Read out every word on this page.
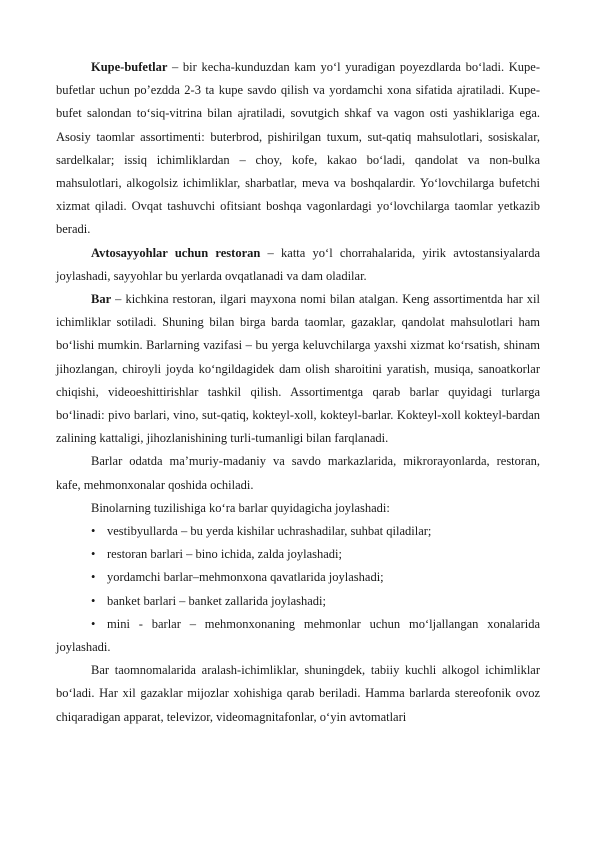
Kupe-bufetlar – bir kecha-kunduzdan kam yo‘l yuradigan poyezdlarda bo‘ladi. Kupe-bufetlar uchun po’ezdda 2-3 ta kupe savdo qilish va yordamchi xona sifatida ajratiladi. Kupe-bufet salondan to‘siq-vitrina bilan ajratiladi, sovutgich shkaf va vagon osti yashiklariga ega. Asosiy taomlar assortimenti: buterbrod, pishirilgan tuxum, sut-qatiq mahsulotlari, sosiskalar, sardelkalar; issiq ichimliklardan – choy, kofe, kakao bo‘ladi, qandolat va non-bulka mahsulotlari, alkogolsiz ichimliklar, sharbatlar, meva va boshqalardir. Yo‘lovchilarga bufetchi xizmat qiladi. Ovqat tashuvchi ofitsiant boshqa vagonlardagi yo‘lovchilarga taomlar yetkazib beradi.

Avtosayyohlar uchun restoran – katta yo‘l chorrahalarida, yirik avtostansiyalarda joylashadi, sayyohlar bu yerlarda ovqatlanadi va dam oladilar.

Bar – kichkina restoran, ilgari mayxona nomi bilan atalgan. Keng assortimentda har xil ichimliklar sotiladi. Shuning bilan birga barda taomlar, gazaklar, qandolat mahsulotlari ham bo‘lishi mumkin. Barlarning vazifasi – bu yerga keluvchilarga yaxshi xizmat ko‘rsatish, shinam jihozlangan, chiroyli joyda ko‘ngildagidek dam olish sharoitini yaratish, musiqa, sanoatkorlar chiqishi, videoeshittirishlar tashkil qilish. Assortimentga qarab barlar quyidagi turlarga bo‘linadi: pivo barlari, vino, sut-qatiq, kokteyl-xoll, kokteyl-barlar. Kokteyl-xoll kokteyl-bardan zalining kattaligi, jihozlanishining turli-tumanligi bilan farqlanadi.

Barlar odatda ma’muriy-madaniy va savdo markazlarida, mikrorayonlarda, restoran, kafe, mehmonxonalar qoshida ochiladi.

Binolarning tuzilishiga ko‘ra barlar quyidagicha joylashadi:

• vestibyullarda – bu yerda kishilar uchrashadilar, suhbat qiladilar;
• restoran barlari – bino ichida, zalda joylashadi;
• yordamchi barlar–mehmonxona qavatlarida joylashadi;
• banket barlari – banket zallarida joylashadi;
• mini - barlar – mehmonxonaning mehmonlar uchun mo‘ljallangan xonalarida joylashadi.

Bar taomnomalarida aralash-ichimliklar, shuningdek, tabiiy kuchli alkogol ichimliklar bo‘ladi. Har xil gazaklar mijozlar xohishiga qarab beriladi. Hamma barlarda stereofonik ovoz chiqaradigan apparat, televizor, videomagnitafonlar, o‘yin avtomatlari
